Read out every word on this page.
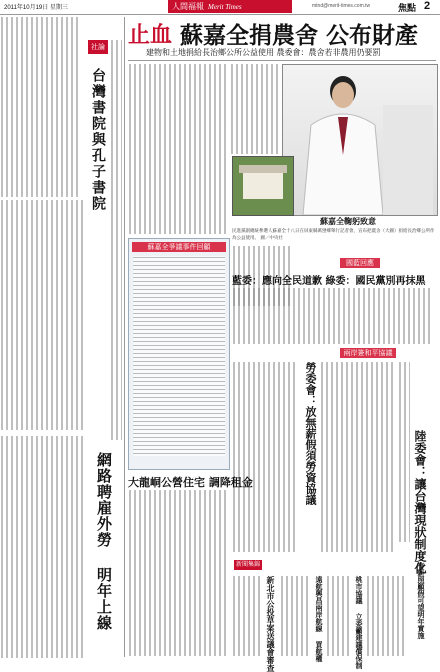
2011年10月19日 星期三	人間福報 Merit Times	mtnd@merit-times.com.tw	焦點 2
社論
台灣書院與孔子書院
網路聘雇外勞 明年上線
止血 蘇嘉全捐農舍 公布財產
建物和土地捐給長治鄉公所公益使用 農委會：農舍若非農用仍要罰
蘇嘉全鞠躬致意
民進黨副總統參選人蘇嘉全十八日在屏東縣萬巒鄉舉行記者會，宣布把農舍（大圖）捐給長治鄉公所作為公益使用。 圖／中央社
蘇嘉全爭議事件回顧
國藍回應
藍委：應向全民道歉 綠委：國民黨別再抹黑
兩岸簽和平協議
勞委會：放無薪假須勞資協議	陸委會：讓台灣現狀制度化
大龍峒公營住宅 調降租金
新聞集錦
新北市公投草案送議會審查	遠航興昌兩岸航線 買航權	桃市協議 立委籲建議償保制	有薪照顧假可望明年實施
